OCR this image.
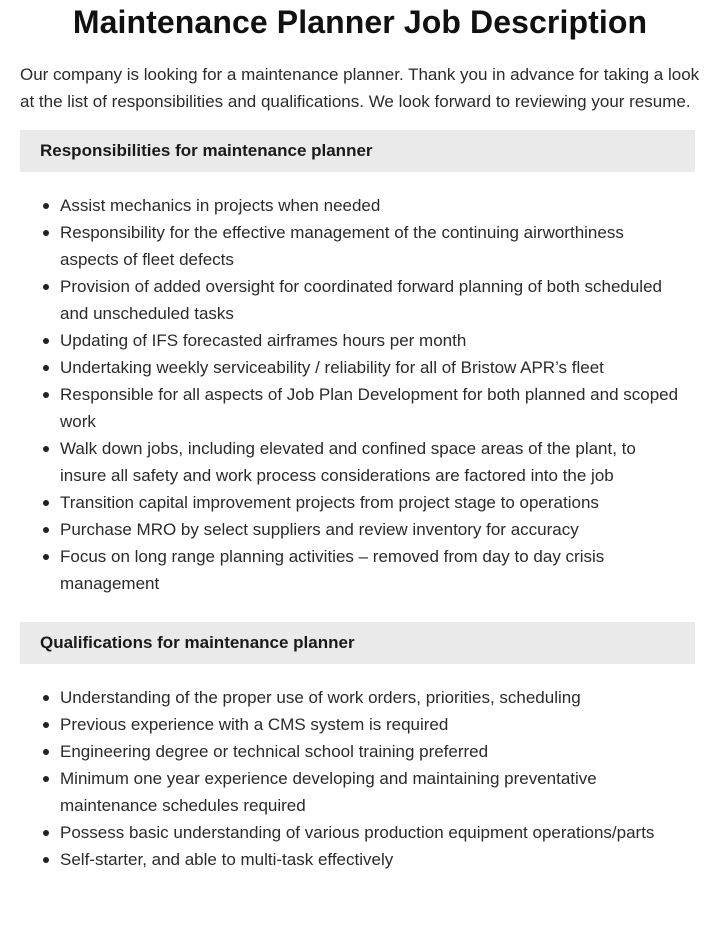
Maintenance Planner Job Description

Our company is looking for a maintenance planner. Thank you in advance for taking a look at the list of responsibilities and qualifications. We look forward to reviewing your resume.

Responsibilities for maintenance planner
Assist mechanics in projects when needed
Responsibility for the effective management of the continuing airworthiness aspects of fleet defects
Provision of added oversight for coordinated forward planning of both scheduled and unscheduled tasks
Updating of IFS forecasted airframes hours per month
Undertaking weekly serviceability / reliability for all of Bristow APR’s fleet
Responsible for all aspects of Job Plan Development for both planned and scoped work
Walk down jobs, including elevated and confined space areas of the plant, to insure all safety and work process considerations are factored into the job
Transition capital improvement projects from project stage to operations
Purchase MRO by select suppliers and review inventory for accuracy
Focus on long range planning activities – removed from day to day crisis management
Qualifications for maintenance planner
Understanding of the proper use of work orders, priorities, scheduling
Previous experience with a CMS system is required
Engineering degree or technical school training preferred
Minimum one year experience developing and maintaining preventative maintenance schedules required
Possess basic understanding of various production equipment operations/parts
Self-starter, and able to multi-task effectively
